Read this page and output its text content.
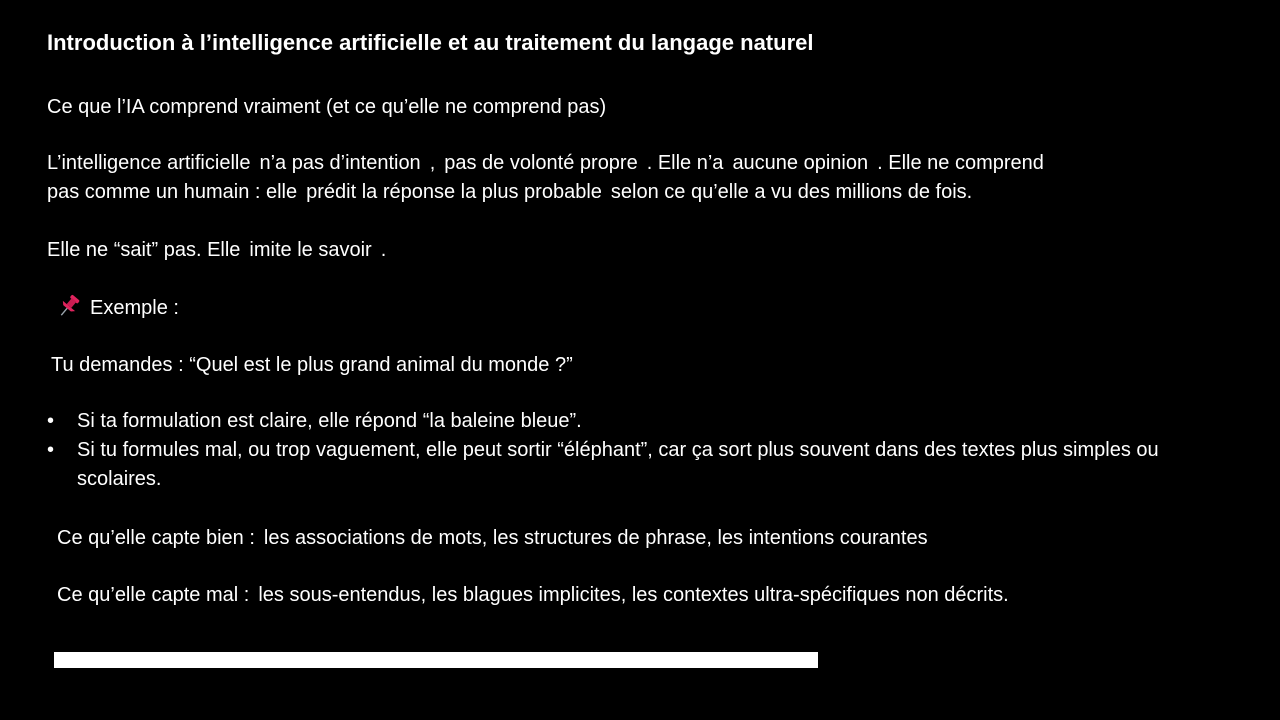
Introduction à l’intelligence artificielle et au traitement du langage naturel
Ce que l’IA comprend vraiment (et ce qu’elle ne comprend pas)
L’intelligence artificielle n’a pas d’intention , pas de volonté propre . Elle n’a aucune opinion . Elle ne comprend
pas comme un humain : elle prédit la réponse la plus probable selon ce qu’elle a vu des millions de fois.
Elle ne “sait” pas. Elle imite le savoir .
Exemple :
Tu demandes : “Quel est le plus grand animal du monde ?”
• Si ta formulation est claire, elle répond “la baleine bleue”.
• Si tu formules mal, ou trop vaguement, elle peut sortir “éléphant”, car ça sort plus souvent dans des textes plus simples ou scolaires.
Ce qu’elle capte bien : les associations de mots, les structures de phrase, les intentions courantes
Ce qu’elle capte mal : les sous-entendus, les blagues implicites, les contextes ultra-spécifiques non décrits.
